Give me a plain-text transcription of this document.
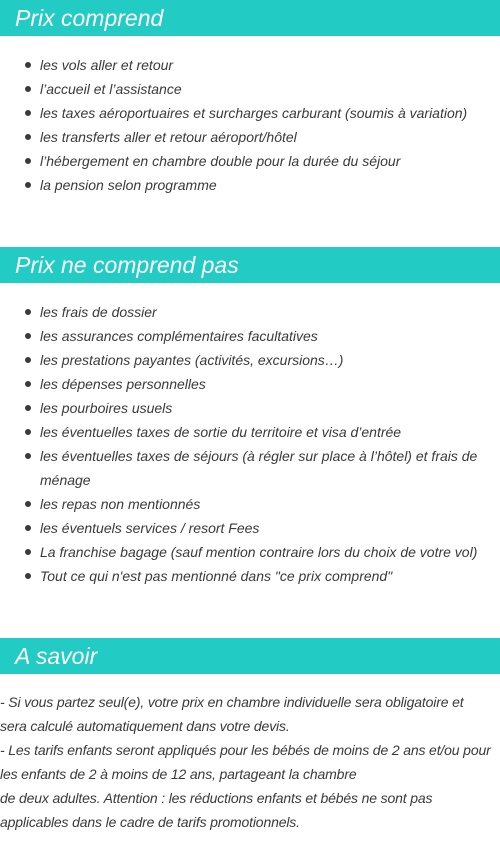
Prix comprend
les vols aller et retour
l’accueil et l’assistance
les taxes aéroportuaires et surcharges carburant (soumis à variation)
les transferts aller et retour aéroport/hôtel
l’hébergement en chambre double pour la durée du séjour
la pension selon programme
Prix ne comprend pas
les frais de dossier
les assurances complémentaires facultatives
les prestations payantes (activités, excursions…)
les dépenses personnelles
les pourboires usuels
les éventuelles taxes de sortie du territoire et visa d’entrée
les éventuelles taxes de séjours (à régler sur place à l’hôtel) et frais de ménage
les repas non mentionnés
les éventuels services / resort Fees
La franchise bagage (sauf mention contraire lors du choix de votre vol)
Tout ce qui n'est pas mentionné dans "ce prix comprend"
A savoir
- Si vous partez seul(e), votre prix en chambre individuelle sera obligatoire et
sera calculé automatiquement dans votre devis.
- Les tarifs enfants seront appliqués pour les bébés de moins de 2 ans et/ou pour
les enfants de 2 à moins de 12 ans, partageant la chambre
de deux adultes. Attention : les réductions enfants et bébés ne sont pas
applicables dans le cadre de tarifs promotionnels.
